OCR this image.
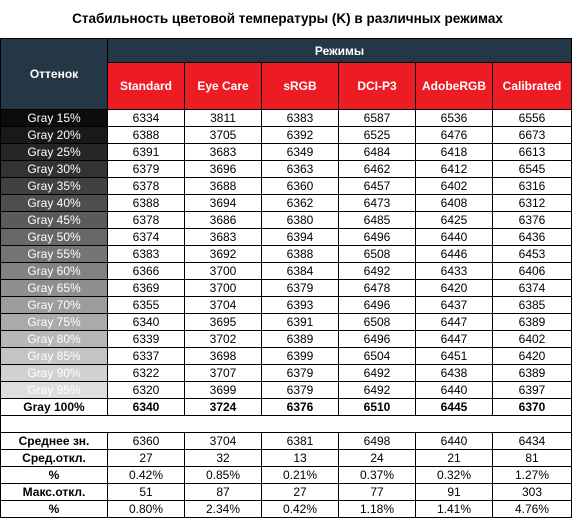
Стабильность цветовой температуры (K) в различных режимах
Оттенок	Режимы					
	Standard	Eye Care	sRGB	DCI-P3	AdobeRGB	Calibrated
Gray 15%	6334	3811	6383	6587	6536	6556
Gray 20%	6388	3705	6392	6525	6476	6673
Gray 25%	6391	3683	6349	6484	6418	6613
Gray 30%	6379	3696	6363	6462	6412	6545
Gray 35%	6378	3688	6360	6457	6402	6316
Gray 40%	6388	3694	6362	6473	6408	6312
Gray 45%	6378	3686	6380	6485	6425	6376
Gray 50%	6374	3683	6394	6496	6440	6436
Gray 55%	6383	3692	6388	6508	6446	6453
Gray 60%	6366	3700	6384	6492	6433	6406
Gray 65%	6369	3700	6379	6478	6420	6374
Gray 70%	6355	3704	6393	6496	6437	6385
Gray 75%	6340	3695	6391	6508	6447	6389
Gray 80%	6339	3702	6389	6496	6447	6402
Gray 85%	6337	3698	6399	6504	6451	6420
Gray 90%	6322	3707	6379	6492	6438	6389
Gray 95%	6320	3699	6379	6492	6440	6397
Gray 100%	6340	3724	6376	6510	6445	6370

Среднее зн.	6360	3704	6381	6498	6440	6434
Сред.откл.	27	32	13	24	21	81
%	0.42%	0.85%	0.21%	0.37%	0.32%	1.27%
Макс.откл.	51	87	27	77	91	303
%	0.80%	2.34%	0.42%	1.18%	1.41%	4.76%
